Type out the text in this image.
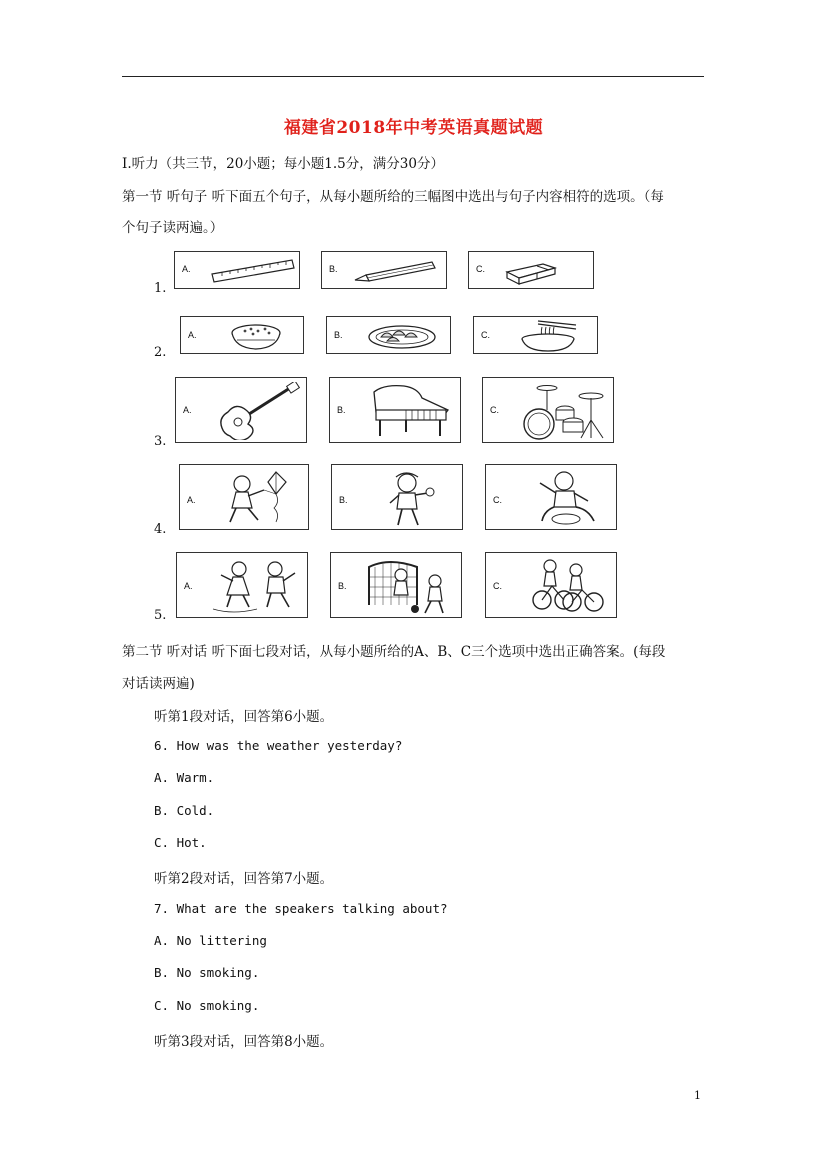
福建省2018年中考英语真题试题
Ⅰ.听力（共三节，20小题；每小题1.5分，满分30分）
第一节 听句子 听下面五个句子，从每小题所给的三幅图中选出与句子内容相符的选项。（每
个句子读两遍。）
1.
A.	B.	C.
2.
A.	B.	C.
3.
A.	B.	C.
4.
A.	B.	C.
5.
A.	B.	C.
第二节 听对话 听下面七段对话，从每小题所给的A、B、C三个选项中选出正确答案。(每段
对话读两遍)
听第1段对话，回答第6小题。
6. How was the weather yesterday?
A. Warm.
B. Cold.
C. Hot.
听第2段对话，回答第7小题。
7. What are the speakers talking about?
A. No littering
B. No smoking.
C. No smoking.
听第3段对话，回答第8小题。
1
